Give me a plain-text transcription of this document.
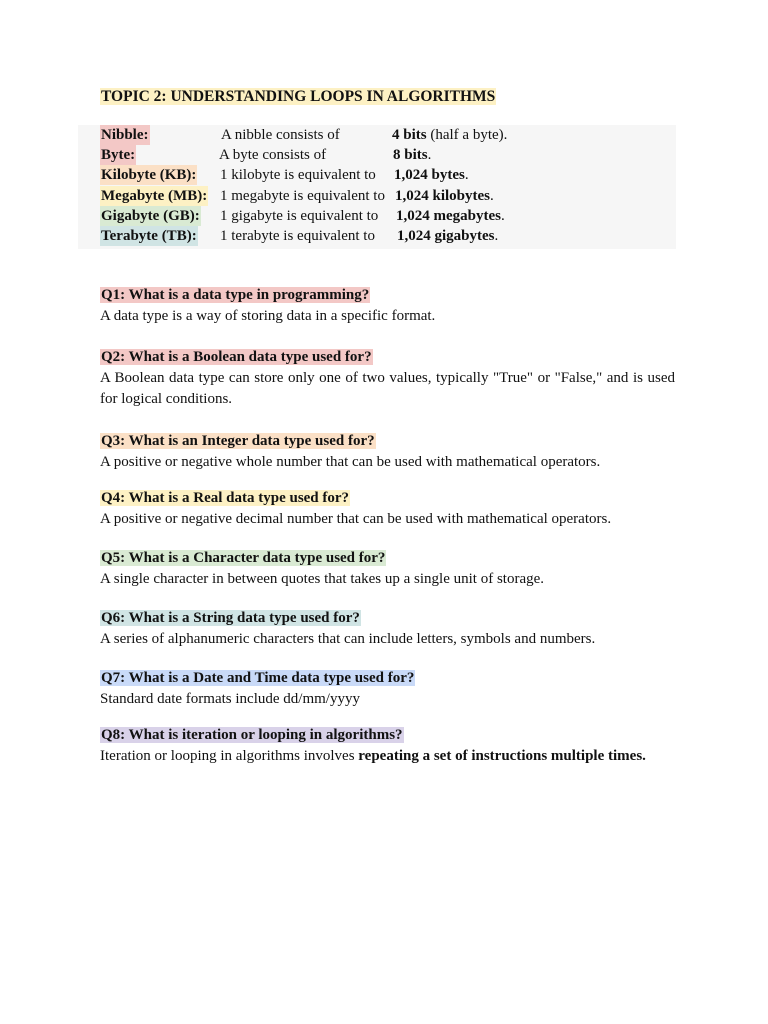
TOPIC 2: UNDERSTANDING LOOPS IN ALGORITHMS
Nibble:	A nibble consists of	4 bits (half a byte).
Byte:	A byte consists of	8 bits.
Kilobyte (KB): 1 kilobyte is equivalent to 1,024 bytes.
Megabyte (MB): 1 megabyte is equivalent to 1,024 kilobytes.
Gigabyte (GB): 1 gigabyte is equivalent to 1,024 megabytes.
Terabyte (TB): 1 terabyte is equivalent to 1,024 gigabytes.
Q1: What is a data type in programming?
A data type is a way of storing data in a specific format.
Q2: What is a Boolean data type used for?
A Boolean data type can store only one of two values, typically "True" or "False," and is used for logical conditions.
Q3: What is an Integer data type used for?
A positive or negative whole number that can be used with mathematical operators.
Q4: What is a Real data type used for?
A positive or negative decimal number that can be used with mathematical operators.
Q5: What is a Character data type used for?
A single character in between quotes that takes up a single unit of storage.
Q6: What is a String data type used for?
A series of alphanumeric characters that can include letters, symbols and numbers.
Q7: What is a Date and Time data type used for?
Standard date formats include dd/mm/yyyy
Q8: What is iteration or looping in algorithms?
Iteration or looping in algorithms involves repeating a set of instructions multiple times.
